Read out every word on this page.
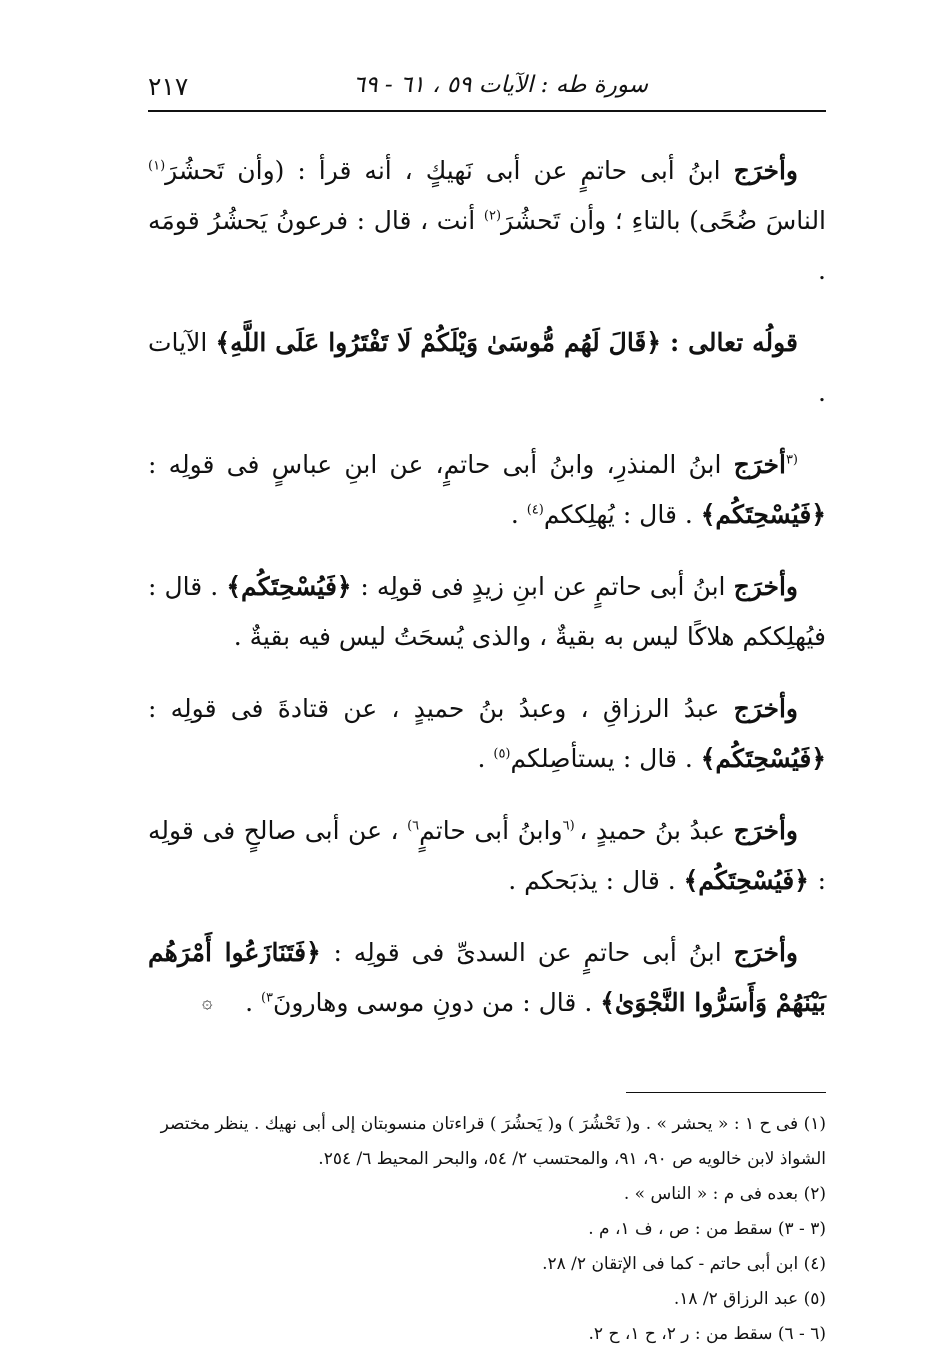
سورة طه : الآيات ٥٩ ، ٦١ - ٦٩
٢١٧

وأخرَج ابنُ أبى حاتمٍ عن أبى نَهيكٍ ، أنه قرأ : (وأن تَحشُرَ$^{(١)}$ الناسَ ضُحًى) بالتاءِ ؛ وأن تَحشُرَ$^{(٢)}$ أنت ، قال : فرعونُ يَحشُرُ قومَه .

قولُه تعالى : ﴿قَالَ لَهُم مُّوسَىٰ وَيْلَكُمْ لَا تَفْتَرُوا عَلَى اللَّهِ﴾ الآيات .

$^{(٣}$أخرَج ابنُ المنذرِ، وابنُ أبى حاتمٍ، عن ابنِ عباسٍ فى قولِه : ﴿فَيُسْحِتَكُم﴾ . قال : يُهلِككم$^{(٤)}$ .

وأخرَج ابنُ أبى حاتمٍ عن ابنِ زيدٍ فى قولِه : ﴿فَيُسْحِتَكُم﴾ . قال : فيُهلِككم هلاكًا ليس به بقيةٌ ، والذى يُسحَتُ ليس فيه بقيةٌ .

وأخرَج عبدُ الرزاقِ ، وعبدُ بنُ حميدٍ ، عن قتادةَ فى قولِه : ﴿فَيُسْحِتَكُم﴾ . قال : يستأصِلكم$^{(٥)}$ .

وأخرَج عبدُ بنُ حميدٍ ، $^{(٦}$وابنُ أبى حاتمٍ$^{٦)}$ ، عن أبى صالحٍ فى قولِه : ﴿فَيُسْحِتَكُم﴾ . قال : يذبَحكم .

وأخرَج ابنُ أبى حاتمٍ عن السدىِّ فى قولِه : ﴿فَتَنَازَعُوا أَمْرَهُم بَيْنَهُمْ وَأَسَرُّوا النَّجْوَىٰ﴾ . قال : من دونِ موسى وهارونَ$^{٣)}$ .
۞

(١) فى ح ١ : « يحشر » . و( تَحْشُرَ ) و( يَحشُرَ ) قراءتان منسوبتان إلى أبى نهيك . ينظر مختصر الشواذ لابن خالويه ص ٩٠، ٩١، والمحتسب ٢/ ٥٤، والبحر المحيط ٦/ ٢٥٤.

(٢) بعده فى م : « الناس » .

(٣ - ٣) سقط من : ص ، ف ١، م .

(٤) ابن أبى حاتم - كما فى الإتقان ٢/ ٢٨.

(٥) عبد الرزاق ٢/ ١٨.

(٦ - ٦) سقط من : ر ٢، ح ١، ح ٢.
